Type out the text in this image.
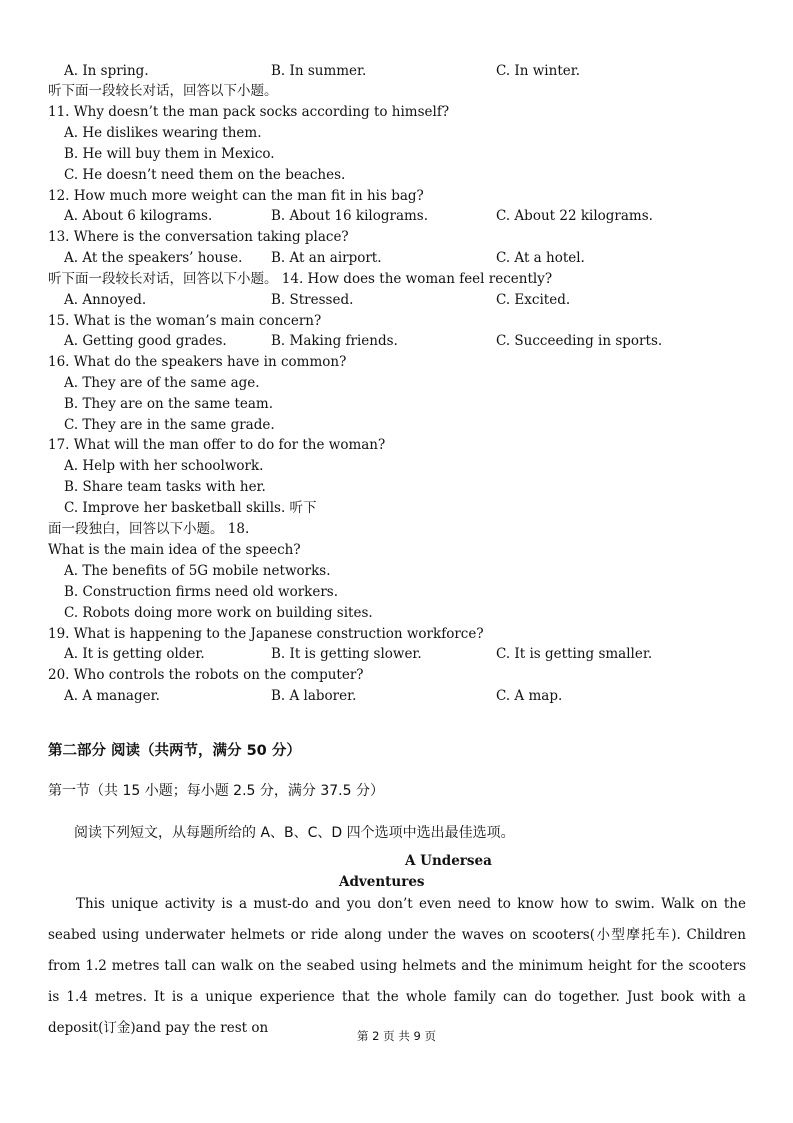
A. In spring.	B. In summer.	C. In winter.
听下面一段较长对话，回答以下小题。
11. Why doesn’t the man pack socks according to himself?
A. He dislikes wearing them.
B. He will buy them in Mexico.
C. He doesn’t need them on the beaches.
12. How much more weight can the man fit in his bag?
A. About 6 kilograms.	B. About 16 kilograms.	C. About 22 kilograms.
13. Where is the conversation taking place?
A. At the speakers’ house. B. At an airport.	C. At a hotel.
听下面一段较长对话，回答以下小题。 14. How does the woman feel recently?
A. Annoyed.	B. Stressed.	C. Excited.
15. What is the woman’s main concern?
A. Getting good grades.	B. Making friends.	C. Succeeding in sports.
16. What do the speakers have in common?
A. They are of the same age.
B. They are on the same team.
C. They are in the same grade.
17. What will the man offer to do for the woman?
A. Help with her schoolwork.
B. Share team tasks with her.
C. Improve her basketball skills. 听下
面一段独白，回答以下小题。 18.
What is the main idea of the speech?
A. The benefits of 5G mobile networks.
B. Construction firms need old workers.
C. Robots doing more work on building sites.
19. What is happening to the Japanese construction workforce?
A. It is getting older.	B. It is getting slower.	C. It is getting smaller.
20. Who controls the robots on the computer?
A. A manager.	B. A laborer.	C. A map.
第二部分 阅读（共两节，满分 50 分）
第一节（共 15 小题；每小题 2.5 分，满分 37.5 分）
阅读下列短文，从每题所给的 A、B、C、D 四个选项中选出最佳选项。
A Undersea
Adventures
This unique activity is a must-do and you don’t even need to know how to swim. Walk on the seabed using underwater helmets or ride along under the waves on scooters(小型摩托车). Children from 1.2 metres tall can walk on the seabed using helmets and the minimum height for the scooters is 1.4 metres. It is a unique experience that the whole family can do together. Just book with a deposit(订金)and pay the rest on	第 2 页 共 9 页
